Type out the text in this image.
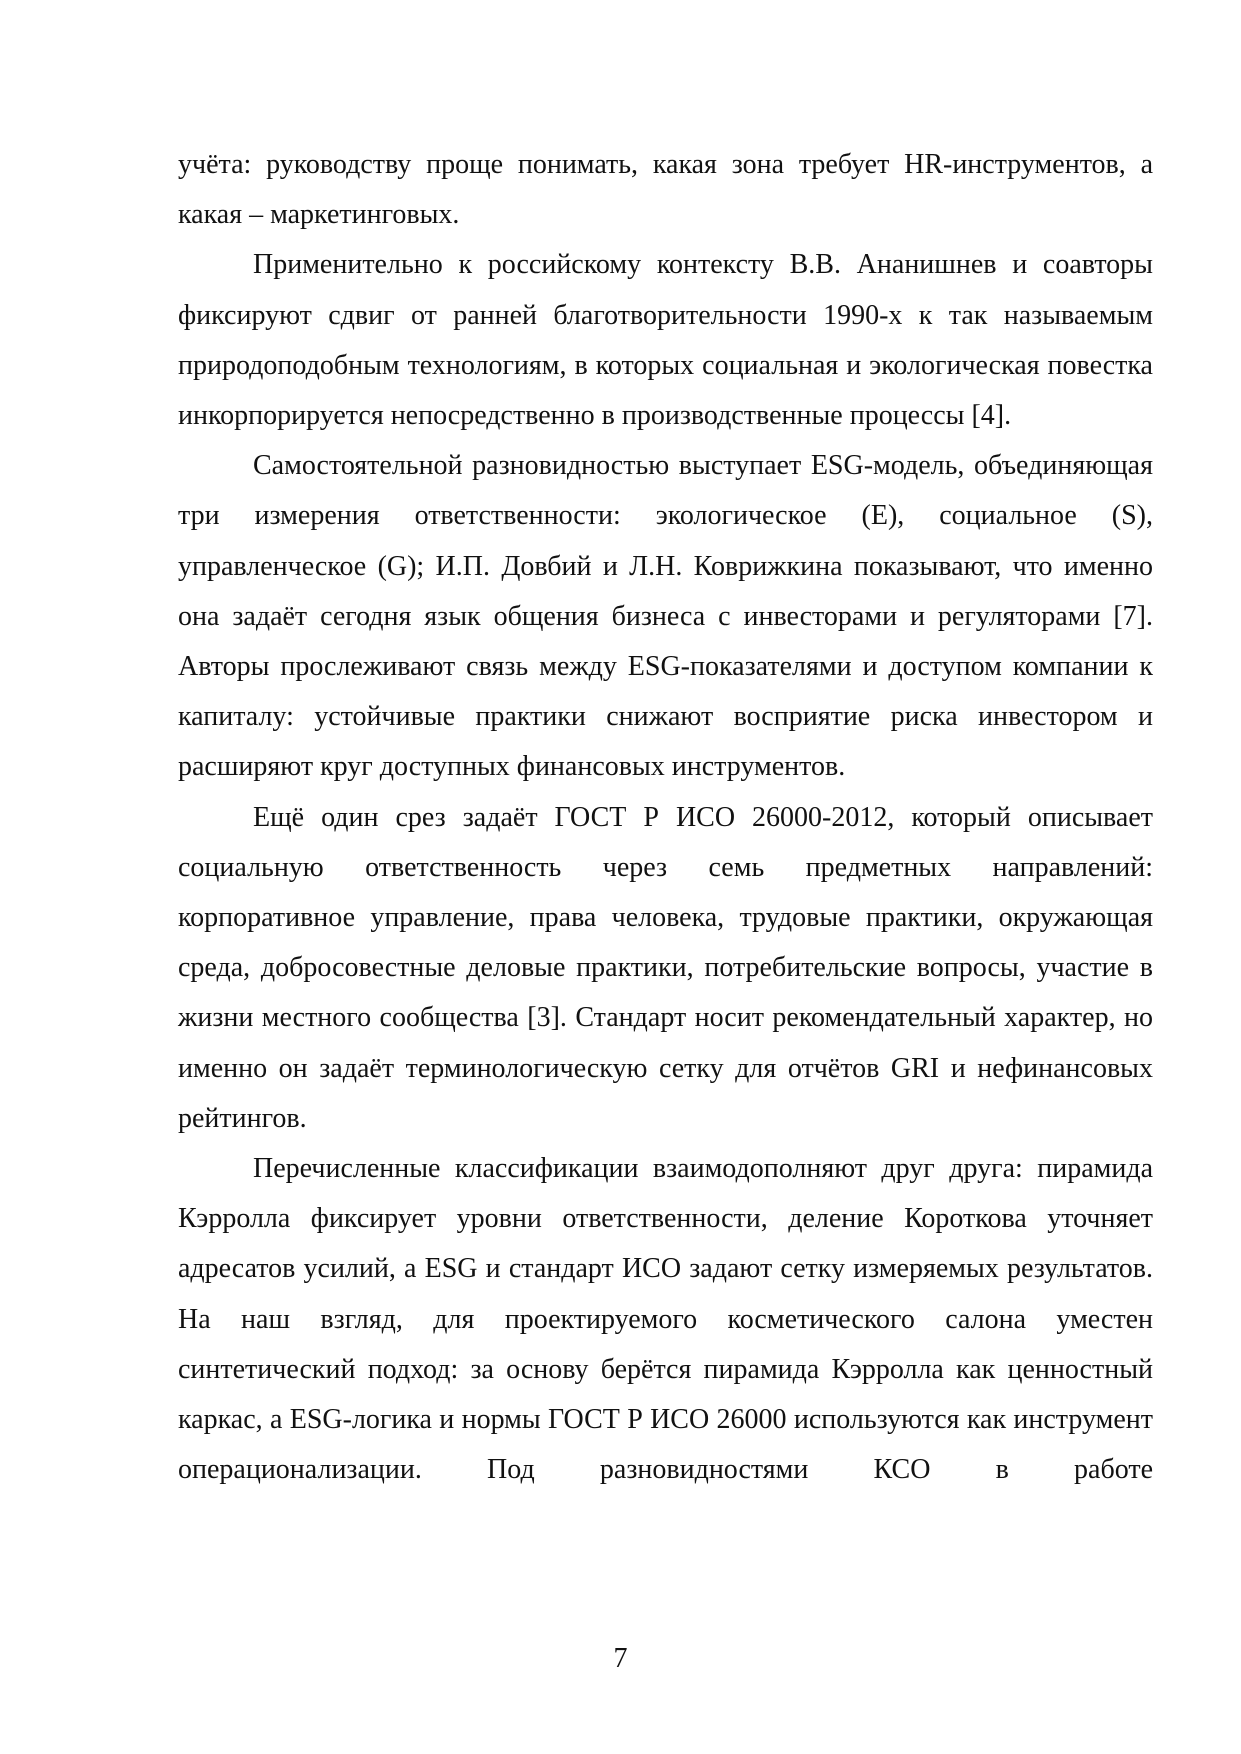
учёта: руководству проще понимать, какая зона требует HR-инструментов, а какая – маркетинговых.

Применительно к российскому контексту В.В. Ананишнев и соавторы фиксируют сдвиг от ранней благотворительности 1990-х к так называемым природоподобным технологиям, в которых социальная и экологическая повестка инкорпорируется непосредственно в производственные процессы [4].

Самостоятельной разновидностью выступает ESG-модель, объединяющая три измерения ответственности: экологическое (E), социальное (S), управленческое (G); И.П. Довбий и Л.Н. Коврижкина показывают, что именно она задаёт сегодня язык общения бизнеса с инвесторами и регуляторами [7]. Авторы прослеживают связь между ESG-показателями и доступом компании к капиталу: устойчивые практики снижают восприятие риска инвестором и расширяют круг доступных финансовых инструментов.

Ещё один срез задаёт ГОСТ Р ИСО 26000-2012, который описывает социальную ответственность через семь предметных направлений: корпоративное управление, права человека, трудовые практики, окружающая среда, добросовестные деловые практики, потребительские вопросы, участие в жизни местного сообщества [3]. Стандарт носит рекомендательный характер, но именно он задаёт терминологическую сетку для отчётов GRI и нефинансовых рейтингов.

Перечисленные классификации взаимодополняют друг друга: пирамида Кэрролла фиксирует уровни ответственности, деление Короткова уточняет адресатов усилий, а ESG и стандарт ИСО задают сетку измеряемых результатов. На наш взгляд, для проектируемого косметического салона уместен синтетический подход: за основу берётся пирамида Кэрролла как ценностный каркас, а ESG-логика и нормы ГОСТ Р ИСО 26000 используются как инструмент операционализации. Под разновидностями КСО в работе

7
